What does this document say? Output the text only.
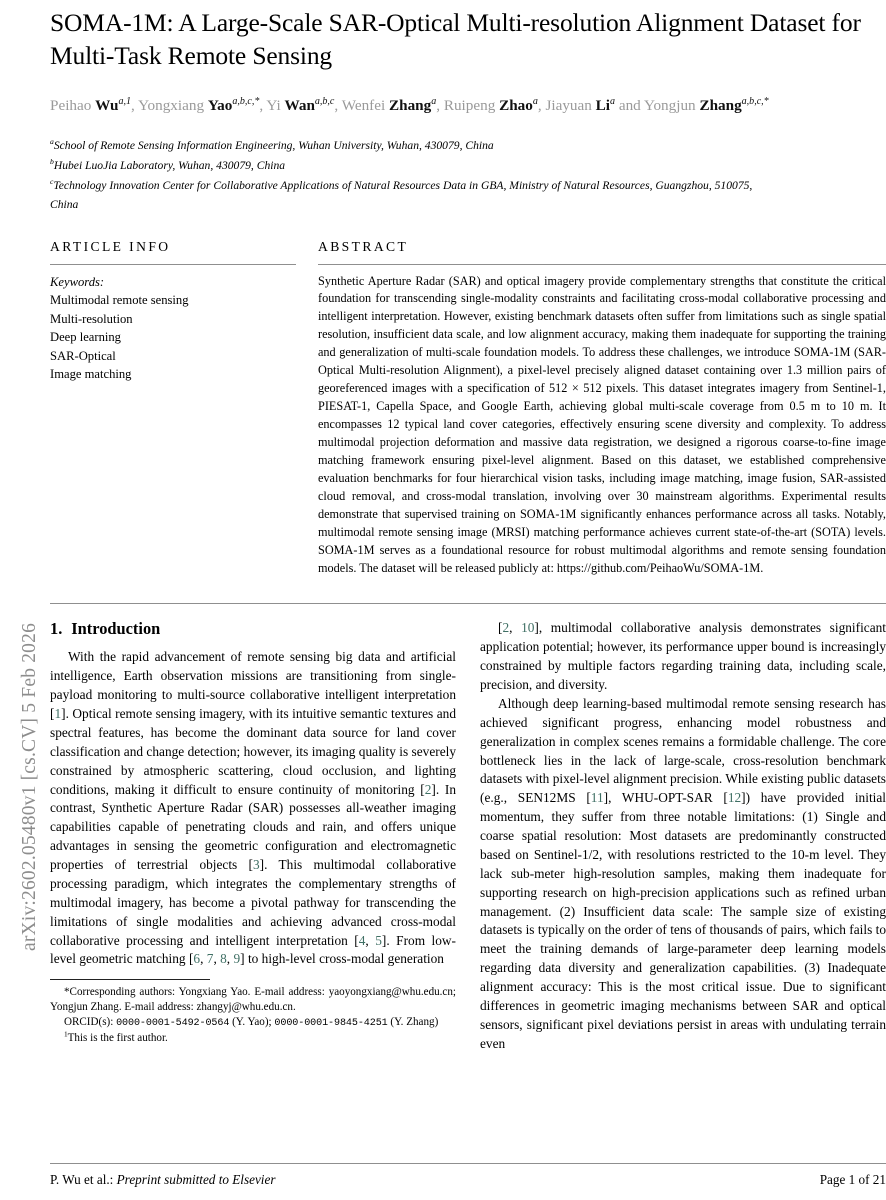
arXiv:2602.05480v1 [cs.CV] 5 Feb 2026
SOMA-1M: A Large-Scale SAR-Optical Multi-resolution Alignment Dataset for Multi-Task Remote Sensing
Peihao Wu$^{a,1}$, Yongxiang Yao$^{a,b,c,*}$, Yi Wan$^{a,b,c}$, Wenfei Zhang$^a$, Ruipeng Zhao$^a$, Jiayuan Li$^a$ and Yongjun Zhang$^{a,b,c,*}$

$^a$School of Remote Sensing Information Engineering, Wuhan University, Wuhan, 430079, China

$^b$Hubei LuoJia Laboratory, Wuhan, 430079, China

$^c$Technology Innovation Center for Collaborative Applications of Natural Resources Data in GBA, Ministry of Natural Resources, Guangzhou, 510075, China

ARTICLE INFO
Keywords:
Multimodal remote sensing
Multi-resolution
Deep learning
SAR-Optical
Image matching
ABSTRACT

Synthetic Aperture Radar (SAR) and optical imagery provide complementary strengths that constitute the critical foundation for transcending single-modality constraints and facilitating cross-modal collaborative processing and intelligent interpretation. However, existing benchmark datasets often suffer from limitations such as single spatial resolution, insufficient data scale, and low alignment accuracy, making them inadequate for supporting the training and generalization of multi-scale foundation models. To address these challenges, we introduce SOMA-1M (SAR-Optical Multi-resolution Alignment), a pixel-level precisely aligned dataset containing over 1.3 million pairs of georeferenced images with a specification of 512 × 512 pixels. This dataset integrates imagery from Sentinel-1, PIESAT-1, Capella Space, and Google Earth, achieving global multi-scale coverage from 0.5 m to 10 m. It encompasses 12 typical land cover categories, effectively ensuring scene diversity and complexity. To address multimodal projection deformation and massive data registration, we designed a rigorous coarse-to-fine image matching framework ensuring pixel-level alignment. Based on this dataset, we established comprehensive evaluation benchmarks for four hierarchical vision tasks, including image matching, image fusion, SAR-assisted cloud removal, and cross-modal translation, involving over 30 mainstream algorithms. Experimental results demonstrate that supervised training on SOMA-1M significantly enhances performance across all tasks. Notably, multimodal remote sensing image (MRSI) matching performance achieves current state-of-the-art (SOTA) levels. SOMA-1M serves as a foundational resource for robust multimodal algorithms and remote sensing foundation models. The dataset will be released publicly at: https://github.com/PeihaoWu/SOMA-1M.

1. Introduction

With the rapid advancement of remote sensing big data and artificial intelligence, Earth observation missions are transitioning from single-payload monitoring to multi-source collaborative intelligent interpretation [1]. Optical remote sensing imagery, with its intuitive semantic textures and spectral features, has become the dominant data source for land cover classification and change detection; however, its imaging quality is severely constrained by atmospheric scattering, cloud occlusion, and lighting conditions, making it difficult to ensure continuity of monitoring [2]. In contrast, Synthetic Aperture Radar (SAR) possesses all-weather imaging capabilities capable of penetrating clouds and rain, and offers unique advantages in sensing the geometric configuration and electromagnetic properties of terrestrial objects [3]. This multimodal collaborative processing paradigm, which integrates the complementary strengths of multimodal imagery, has become a pivotal pathway for transcending the limitations of single modalities and achieving advanced cross-modal collaborative processing and intelligent interpretation [4, 5]. From low-level geometric matching [6, 7, 8, 9] to high-level cross-modal generation

*Corresponding authors: Yongxiang Yao. E-mail address: yaoyongxiang@whu.edu.cn; Yongjun Zhang. E-mail address: zhangyj@whu.edu.cn.

ORCID(s): 0000-0001-5492-0564 (Y. Yao); 0000-0001-9845-4251 (Y. Zhang)

$^1$This is the first author.

[2, 10], multimodal collaborative analysis demonstrates significant application potential; however, its performance upper bound is increasingly constrained by multiple factors regarding training data, including scale, precision, and diversity.

Although deep learning-based multimodal remote sensing research has achieved significant progress, enhancing model robustness and generalization in complex scenes remains a formidable challenge. The core bottleneck lies in the lack of large-scale, cross-resolution benchmark datasets with pixel-level alignment precision. While existing public datasets (e.g., SEN12MS [11], WHU-OPT-SAR [12]) have provided initial momentum, they suffer from three notable limitations: (1) Single and coarse spatial resolution: Most datasets are predominantly constructed based on Sentinel-1/2, with resolutions restricted to the 10-m level. They lack sub-meter high-resolution samples, making them inadequate for supporting research on high-precision applications such as refined urban management. (2) Insufficient data scale: The sample size of existing datasets is typically on the order of tens of thousands of pairs, which fails to meet the training demands of large-parameter deep learning models regarding data diversity and generalization capabilities. (3) Inadequate alignment accuracy: This is the most critical issue. Due to significant differences in geometric imaging mechanisms between SAR and optical sensors, significant pixel deviations persist in areas with undulating terrain even

P. Wu et al.: Preprint submitted to Elsevier	Page 1 of 21
